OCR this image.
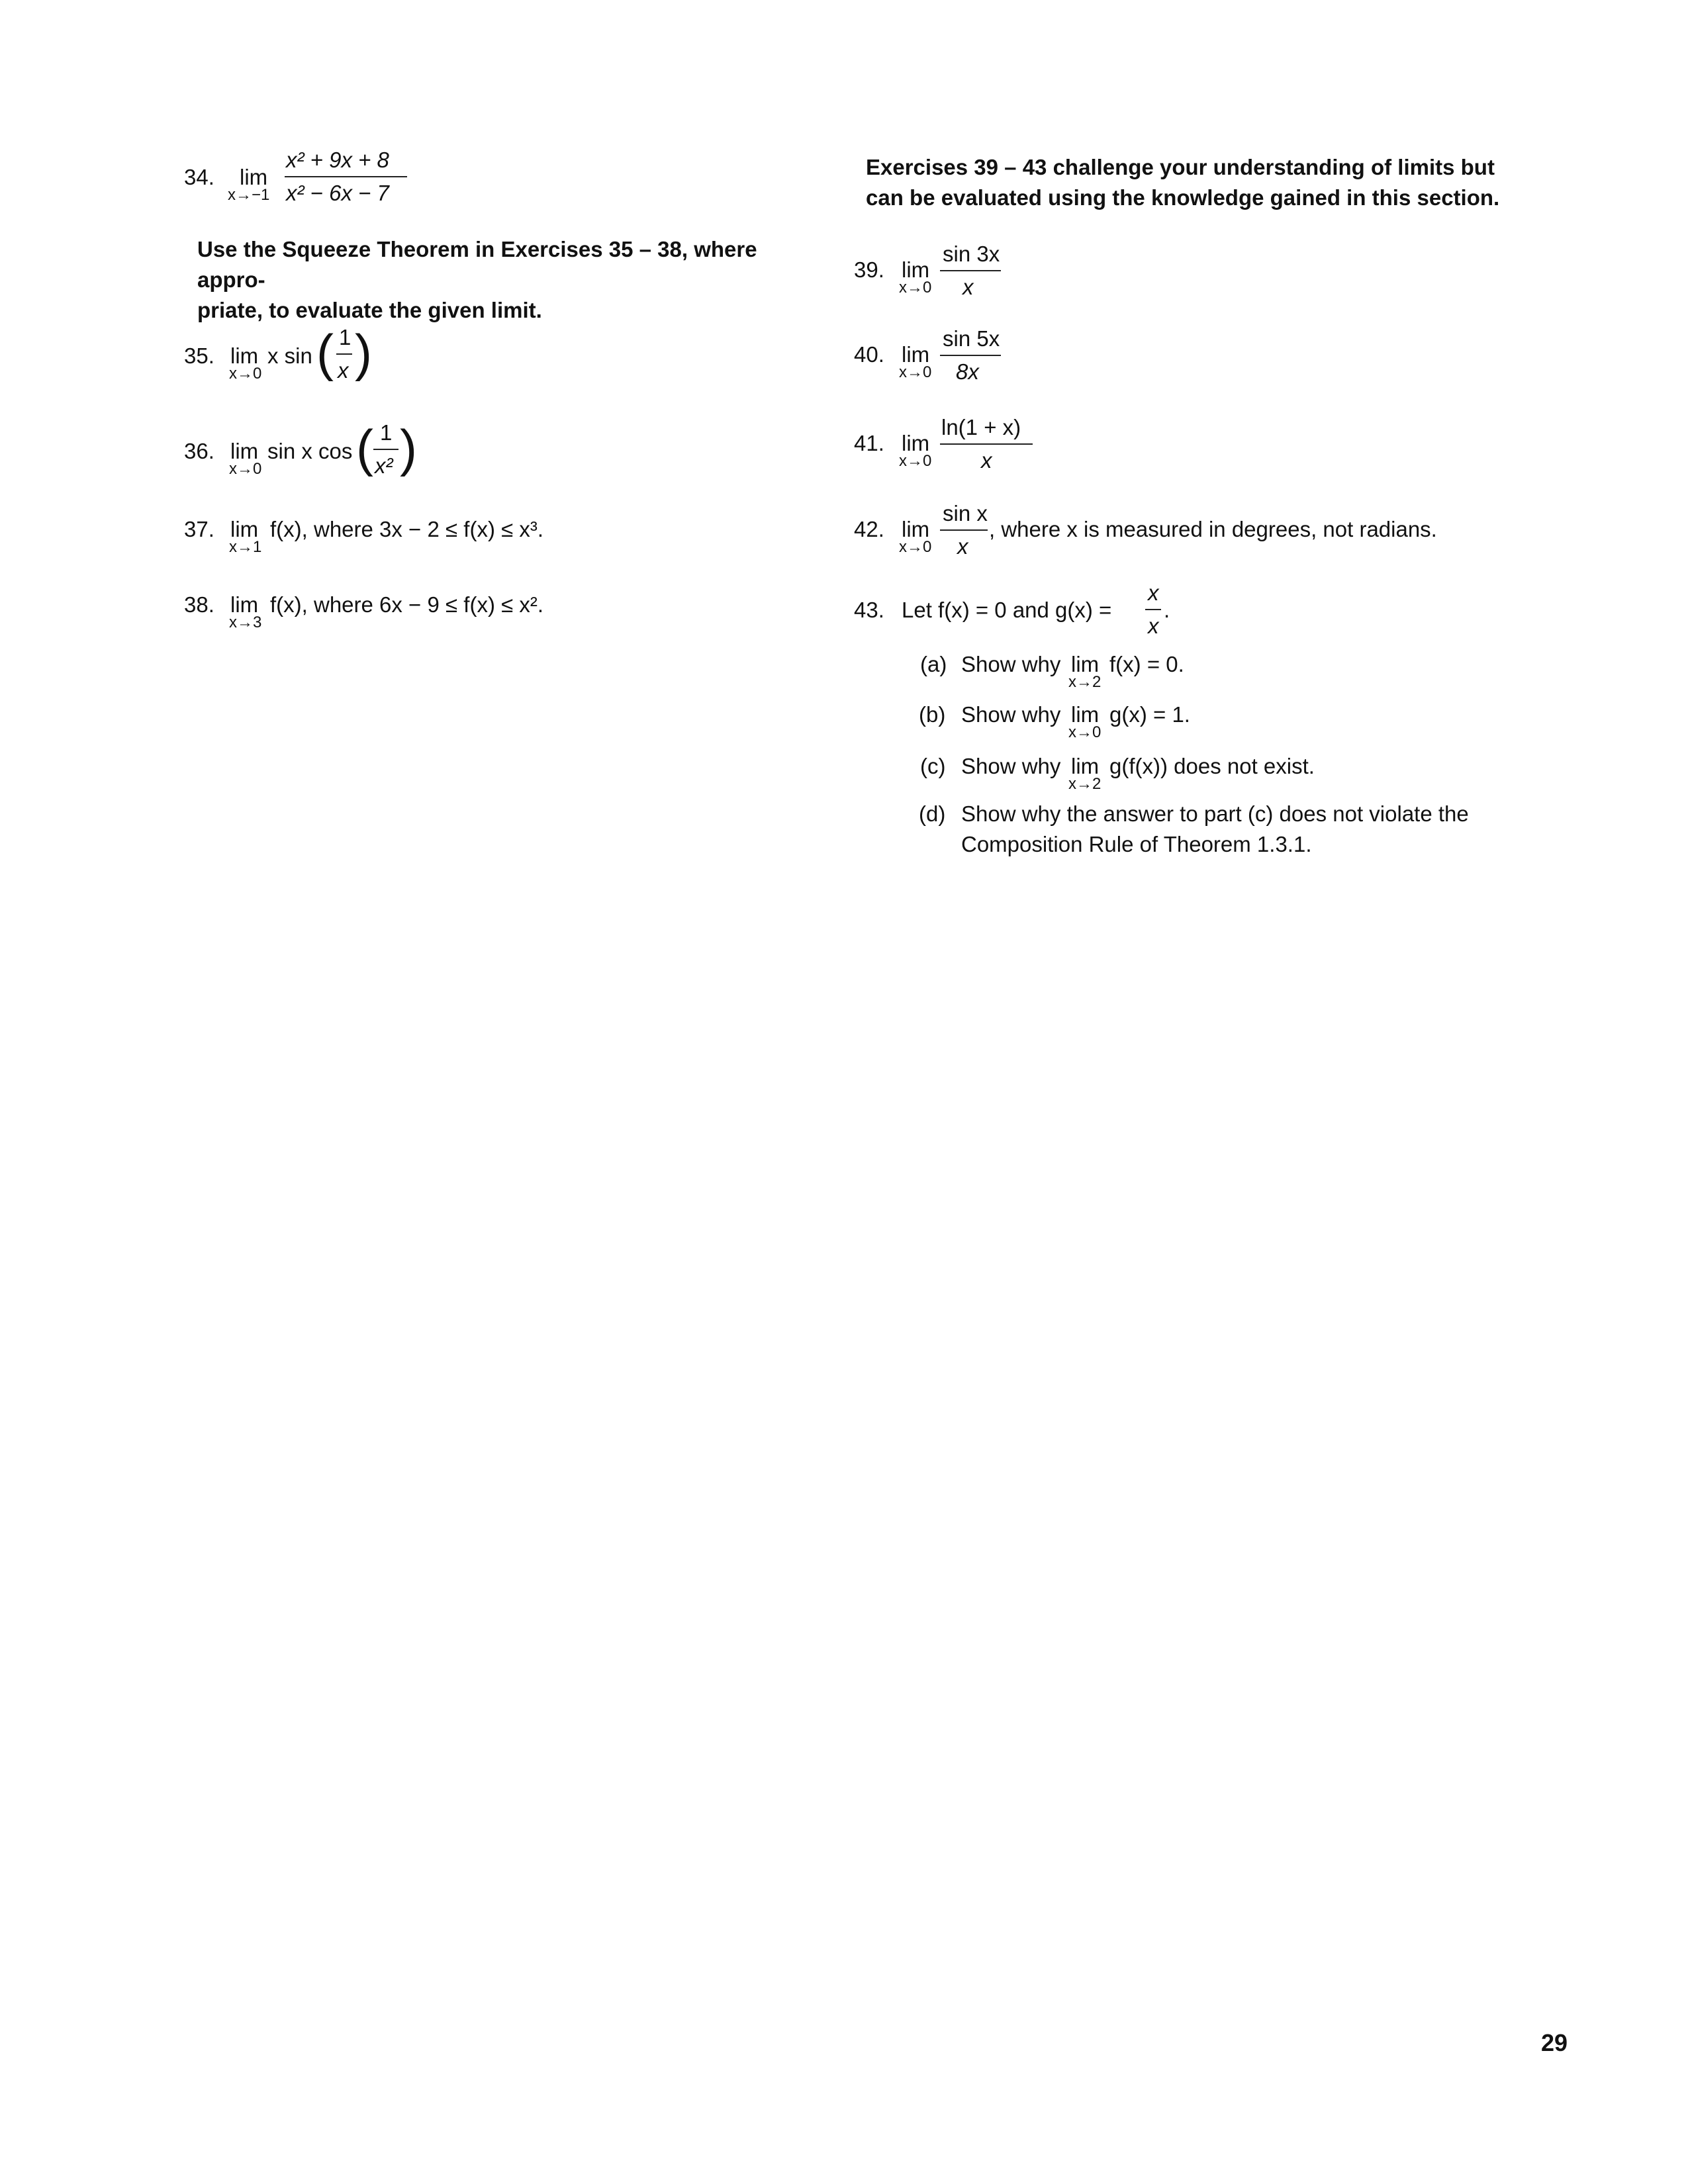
34. lim
x→−1
x² + 9x + 8
x² − 6x − 7
Use the Squeeze Theorem in Exercises 35 – 38, where appro-
priate, to evaluate the given limit.
35. lim
x→0
x sin ( 1
x )
36. lim
x→0
sin x cos ( 1
x² )
37. lim
x→1
f(x), where 3x − 2 ≤ f(x) ≤ x³.
38. lim
x→3
f(x), where 6x − 9 ≤ f(x) ≤ x².
Exercises 39 – 43 challenge your understanding of limits but
can be evaluated using the knowledge gained in this section.
39. lim
x→0
sin 3x
x
40. lim
x→0
sin 5x
8x
41. lim
x→0
ln(1 + x)
x
42. lim
x→0
sin x
x
, where x is measured in degrees, not radians.
43. Let f(x) = 0 and g(x) =
x
x
.
(a) Show why lim
x→2
f(x) = 0.
(b) Show why lim
x→0
g(x) = 1.
(c) Show why lim
x→2
g(f(x)) does not exist.
(d) Show why the answer to part (c) does not violate the
Composition Rule of Theorem 1.3.1.
29
